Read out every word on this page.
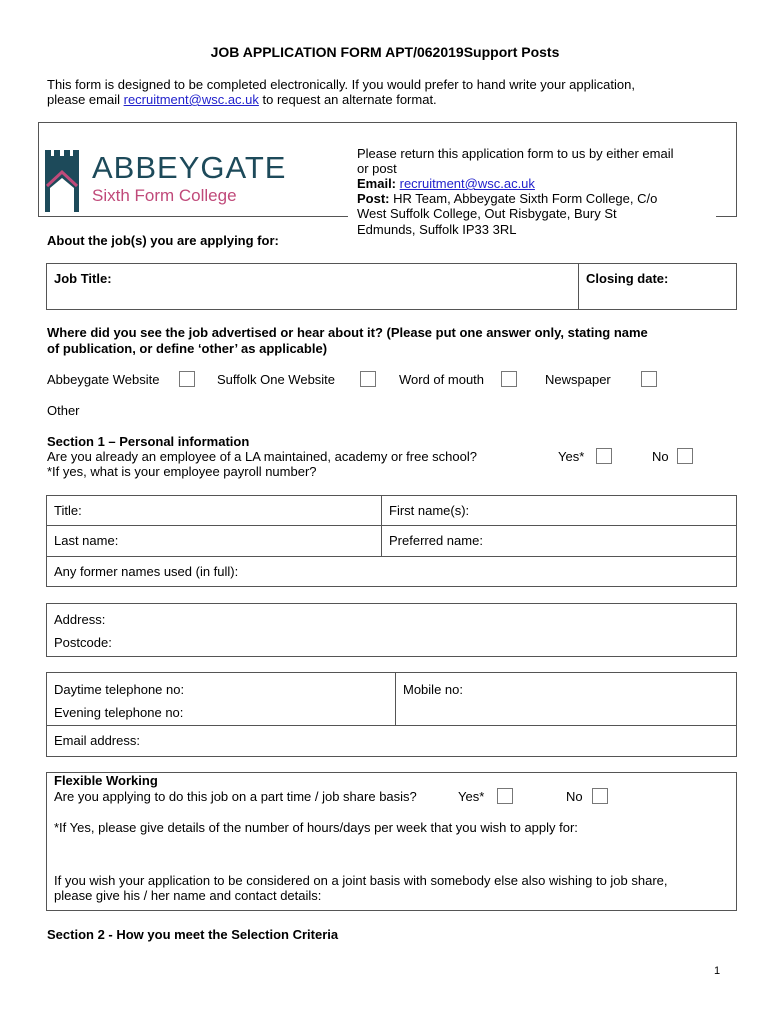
JOB APPLICATION FORM APT/062019Support Posts
This form is designed to be completed electronically. If you would prefer to hand write your application,
please email recruitment@wsc.ac.uk to request an alternate format.
ABBEYGATE
Sixth Form College
Please return this application form to us by either email
or post
Email: recruitment@wsc.ac.uk
Post: HR Team, Abbeygate Sixth Form College, C/o
West Suffolk College, Out Risbygate, Bury St
Edmunds, Suffolk IP33 3RL
About the job(s) you are applying for:
Job Title:	Closing date:
Where did you see the job advertised or hear about it? (Please put one answer only, stating name
of publication, or define ‘other’ as applicable)
Abbeygate Website	Suffolk One Website	Word of mouth	Newspaper
Other
Section 1 – Personal information
Are you already an employee of a LA maintained, academy or free school?	Yes*	No
*If yes, what is your employee payroll number?
Title:	First name(s):
Last name:	Preferred name:
Any former names used (in full):
Address:
Postcode:
Daytime telephone no:
Evening telephone no:
Mobile no:
Email address:
Flexible Working
Are you applying to do this job on a part time / job share basis?	Yes*	No
*If Yes, please give details of the number of hours/days per week that you wish to apply for:
If you wish your application to be considered on a joint basis with somebody else also wishing to job share,
please give his / her name and contact details:
Section 2 - How you meet the Selection Criteria
1
